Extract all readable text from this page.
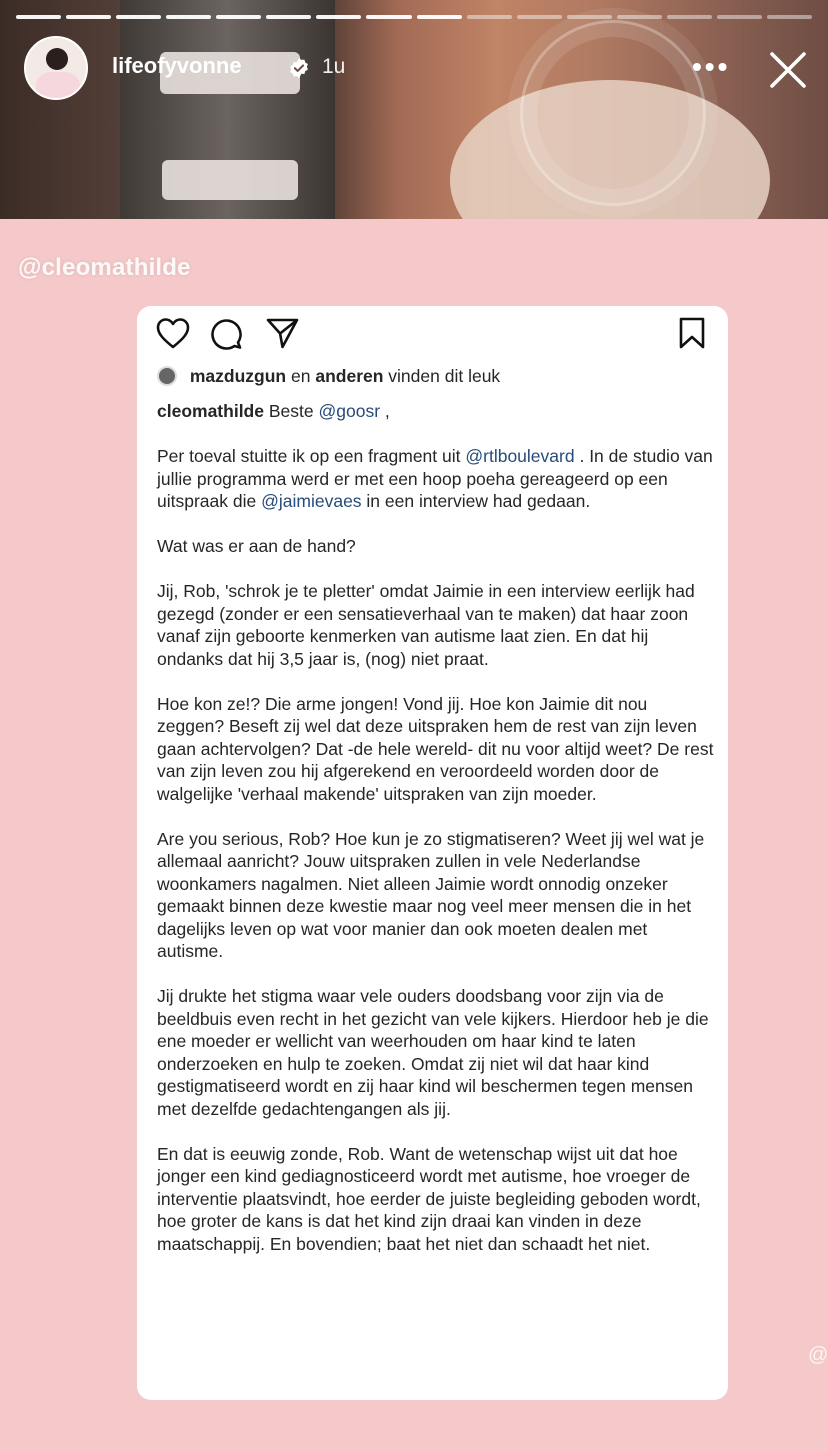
lifeofyvonne	1u	•••
@cleomathilde
mazduzgun en anderen vinden dit leuk

cleomathilde Beste @goosr ,

Per toeval stuitte ik op een fragment uit @rtlboulevard . In de studio van jullie programma werd er met een hoop poeha gereageerd op een uitspraak die @jaimievaes in een interview had gedaan.

Wat was er aan de hand?

Jij, Rob, 'schrok je te pletter' omdat Jaimie in een interview eerlijk had gezegd (zonder er een sensatieverhaal van te maken) dat haar zoon vanaf zijn geboorte kenmerken van autisme laat zien. En dat hij ondanks dat hij 3,5 jaar is, (nog) niet praat.

Hoe kon ze!? Die arme jongen! Vond jij. Hoe kon Jaimie dit nou zeggen? Beseft zij wel dat deze uitspraken hem de rest van zijn leven gaan achtervolgen? Dat -de hele wereld- dit nu voor altijd weet? De rest van zijn leven zou hij afgerekend en veroordeeld worden door de walgelijke 'verhaal makende' uitspraken van zijn moeder.

Are you serious, Rob? Hoe kun je zo stigmatiseren? Weet jij wel wat je allemaal aanricht? Jouw uitspraken zullen in vele Nederlandse woonkamers nagalmen. Niet alleen Jaimie wordt onnodig onzeker gemaakt binnen deze kwestie maar nog veel meer mensen die in het dagelijks leven op wat voor manier dan ook moeten dealen met autisme.

Jij drukte het stigma waar vele ouders doodsbang voor zijn via de beeldbuis even recht in het gezicht van vele kijkers. Hierdoor heb je die ene moeder er wellicht van weerhouden om haar kind te laten onderzoeken en hulp te zoeken. Omdat zij niet wil dat haar kind gestigmatiseerd wordt en zij haar kind wil beschermen tegen mensen met dezelfde gedachtengangen als jij.

En dat is eeuwig zonde, Rob. Want de wetenschap wijst uit dat hoe jonger een kind gediagnosticeerd wordt met autisme, hoe vroeger de interventie plaatsvindt, hoe eerder de juiste begleiding geboden wordt, hoe groter de kans is dat het kind zijn draai kan vinden in deze maatschappij. En bovendien; baat het niet dan schaadt het niet.

@
